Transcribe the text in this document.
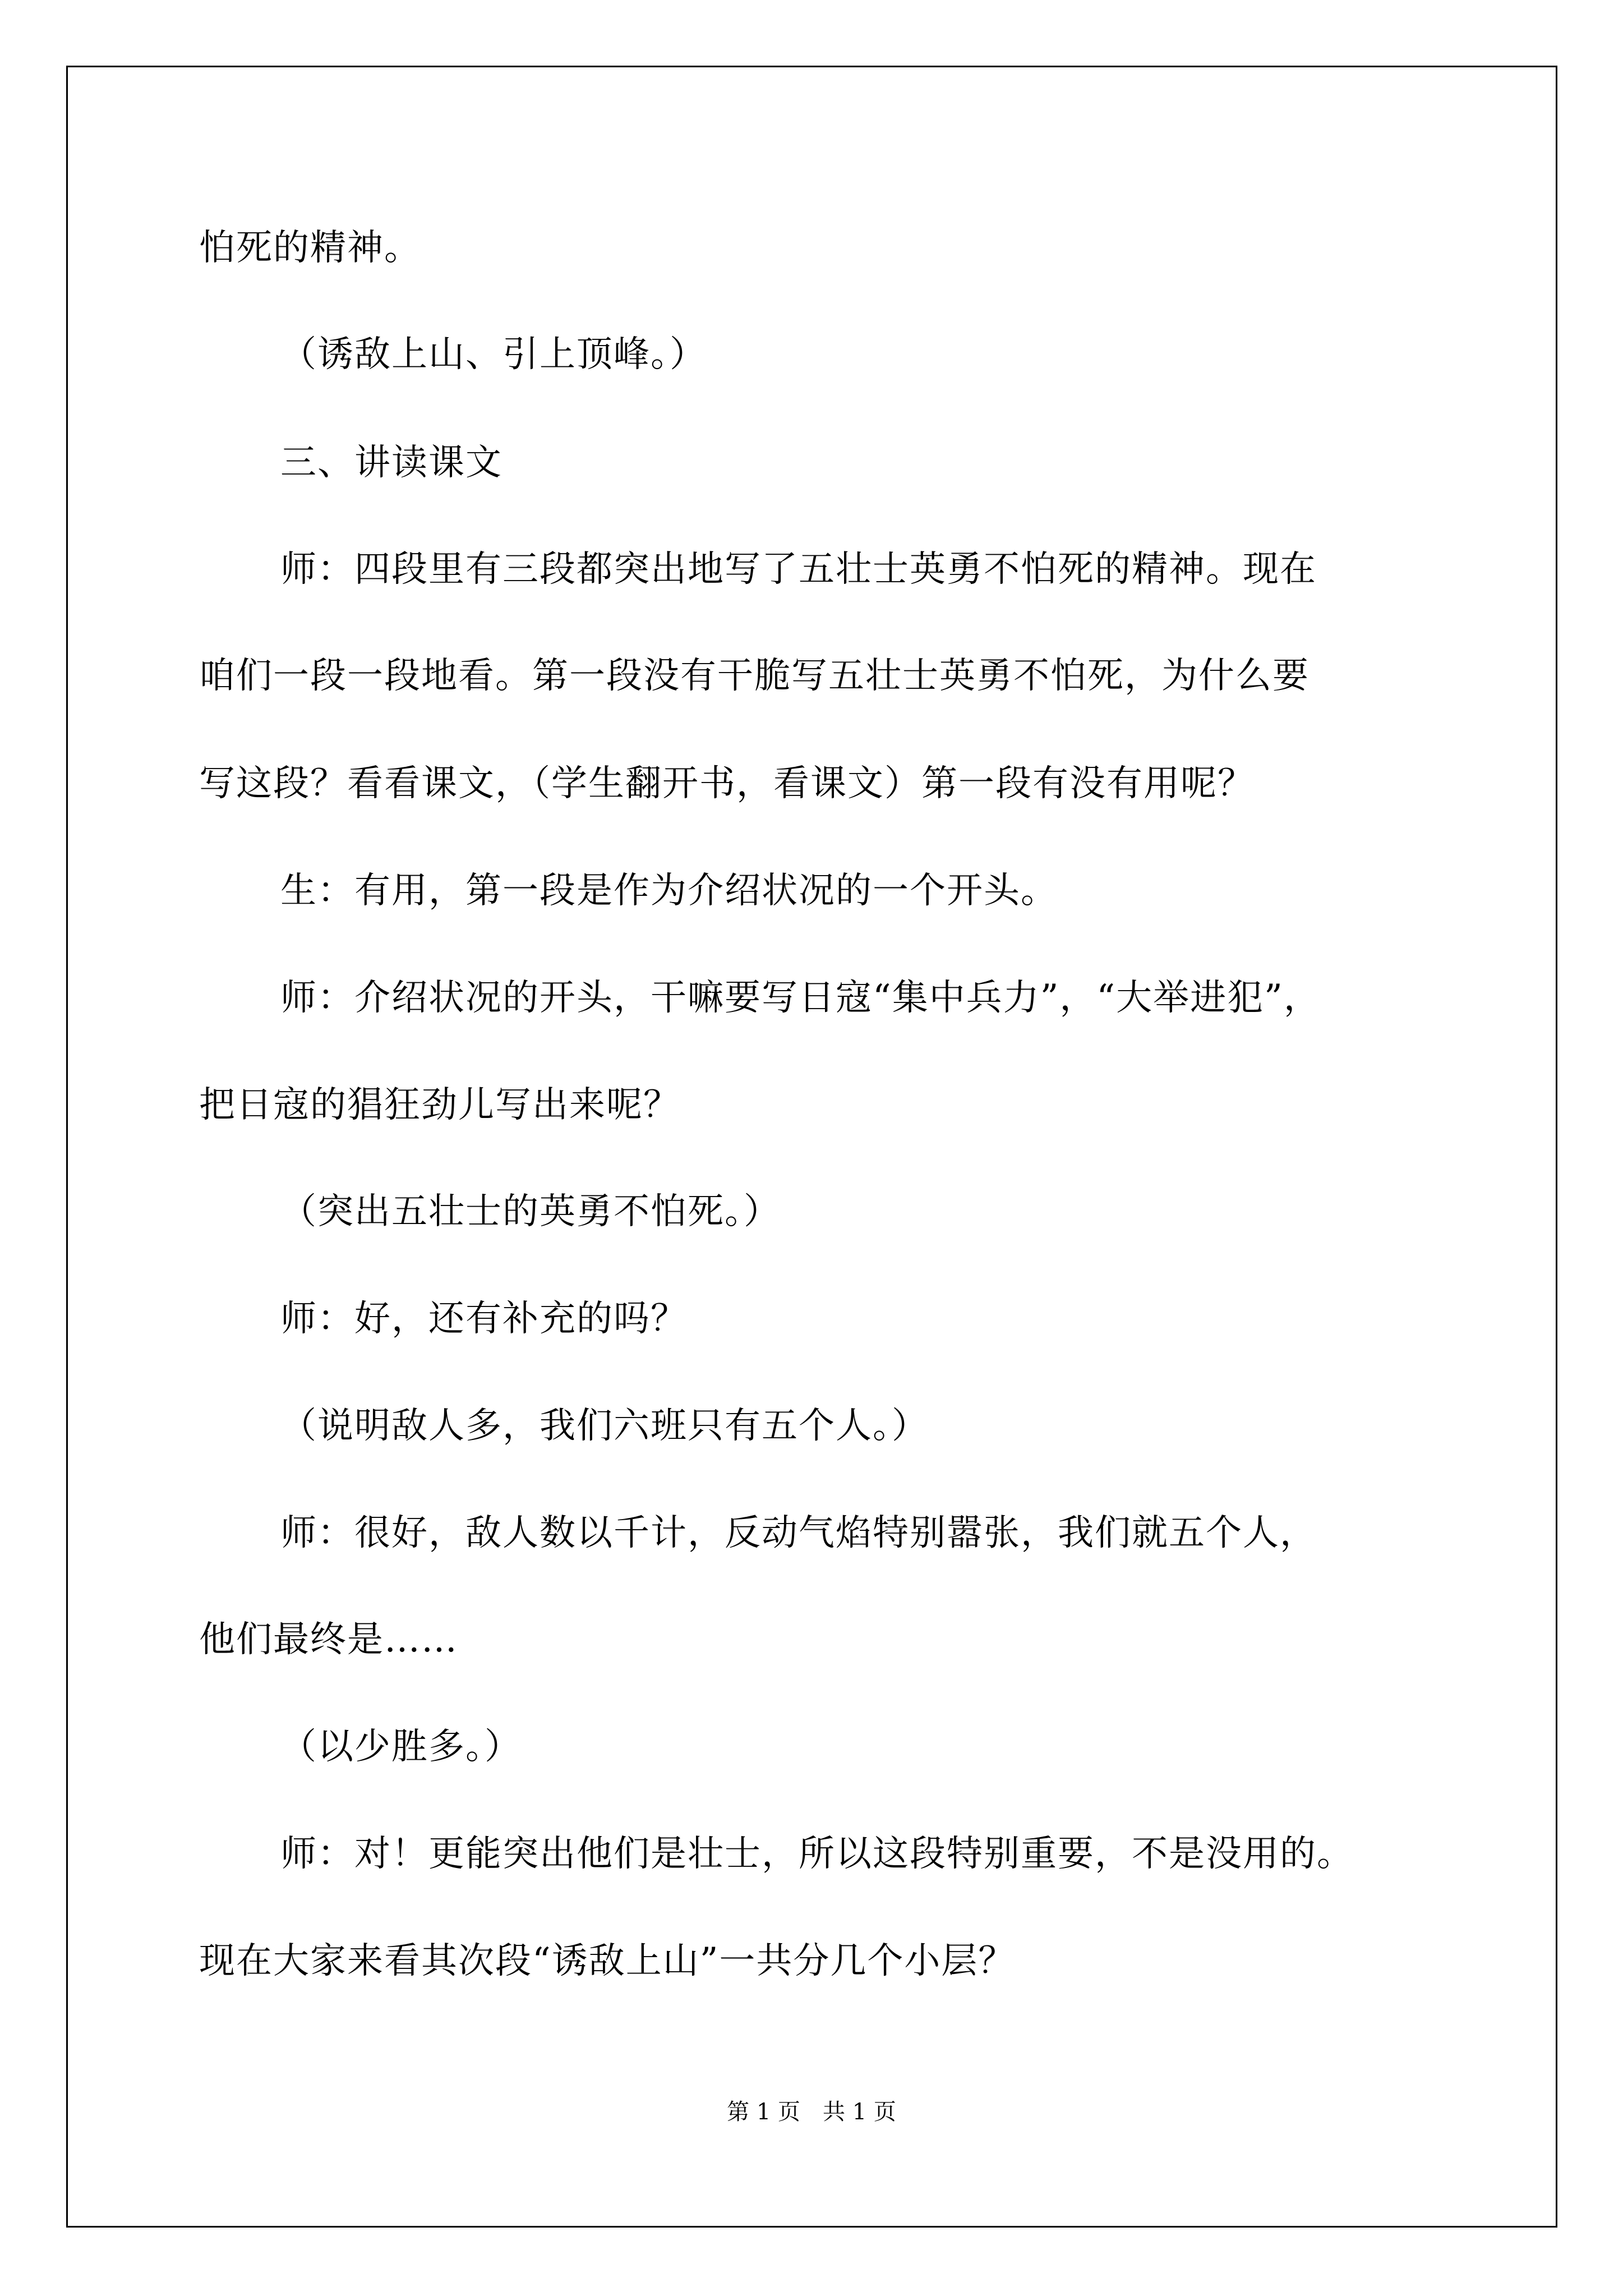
怕死的精神。
（诱敌上山、引上顶峰。）
三、讲读课文
师：四段里有三段都突出地写了五壮士英勇不怕死的精神。现在
咱们一段一段地看。第一段没有干脆写五壮士英勇不怕死，为什么要
写这段？看看课文，（学生翻开书，看课文）第一段有没有用呢？
生：有用，第一段是作为介绍状况的一个开头。
师：介绍状况的开头，干嘛要写日寇“集中兵力”，“大举进犯”，
把日寇的猖狂劲儿写出来呢？
（突出五壮士的英勇不怕死。）
师：好，还有补充的吗？
（说明敌人多，我们六班只有五个人。）
师：很好，敌人数以千计，反动气焰特别嚣张，我们就五个人，
他们最终是……
（以少胜多。）
师：对！更能突出他们是壮士，所以这段特别重要，不是没用的。
现在大家来看其次段“诱敌上山”一共分几个小层？
第 1 页 共 1 页
